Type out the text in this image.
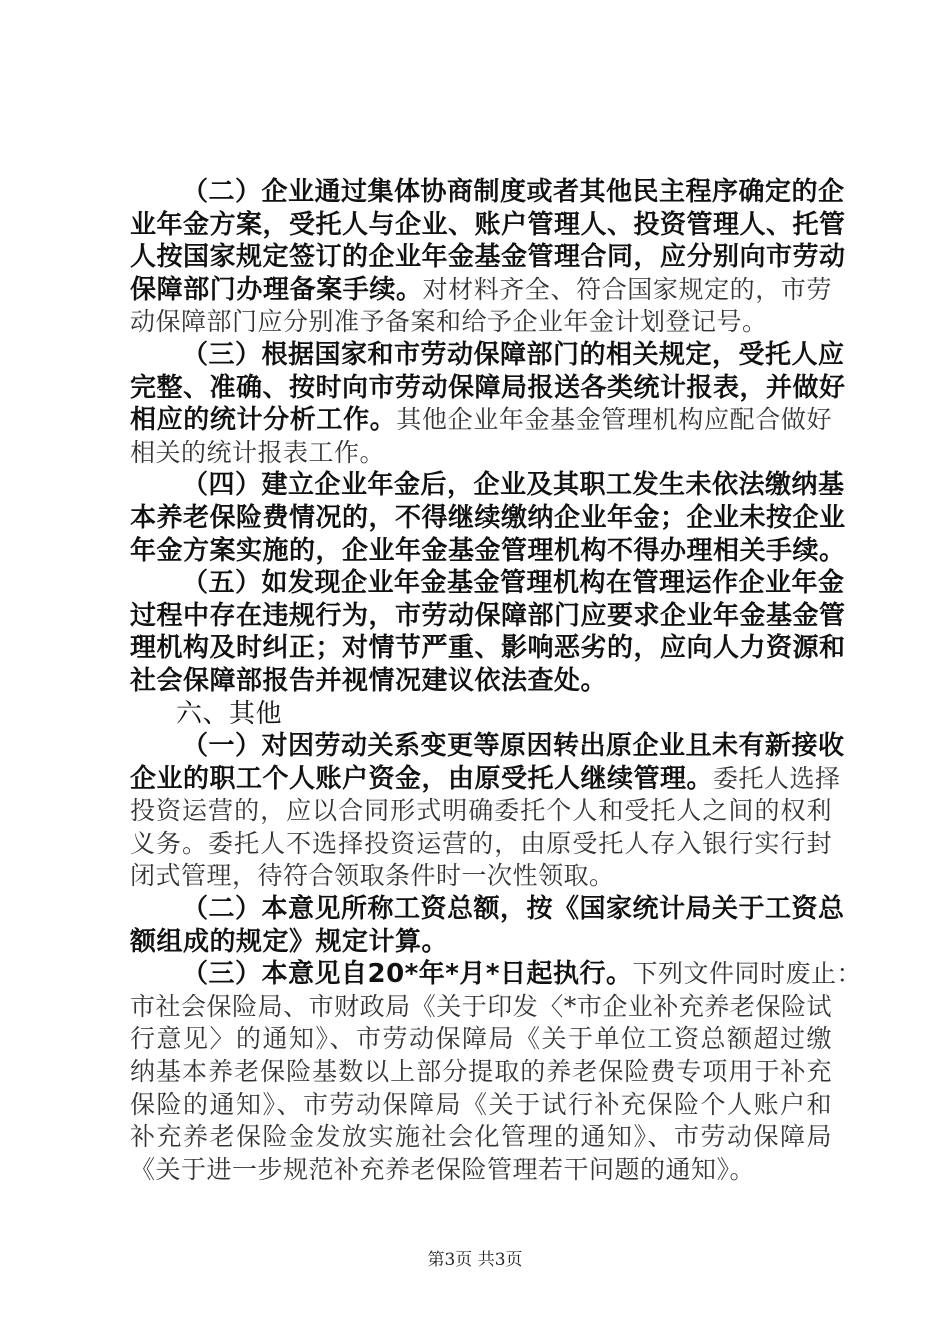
（二）企业通过集体协商制度或者其他民主程序确定的企
业年金方案，受托人与企业、账户管理人、投资管理人、托管
人按国家规定签订的企业年金基金管理合同，应分别向市劳动
保障部门办理备案手续。对材料齐全、符合国家规定的，市劳
动保障部门应分别准予备案和给予企业年金计划登记号。
（三）根据国家和市劳动保障部门的相关规定，受托人应
完整、准确、按时向市劳动保障局报送各类统计报表，并做好
相应的统计分析工作。其他企业年金基金管理机构应配合做好
相关的统计报表工作。
（四）建立企业年金后，企业及其职工发生未依法缴纳基
本养老保险费情况的，不得继续缴纳企业年金；企业未按企业
年金方案实施的，企业年金基金管理机构不得办理相关手续。
（五）如发现企业年金基金管理机构在管理运作企业年金
过程中存在违规行为，市劳动保障部门应要求企业年金基金管
理机构及时纠正；对情节严重、影响恶劣的，应向人力资源和
社会保障部报告并视情况建议依法查处。
六、其他
（一）对因劳动关系变更等原因转出原企业且未有新接收
企业的职工个人账户资金，由原受托人继续管理。委托人选择
投资运营的，应以合同形式明确委托个人和受托人之间的权利
义务。委托人不选择投资运营的，由原受托人存入银行实行封
闭式管理，待符合领取条件时一次性领取。
（二）本意见所称工资总额，按《国家统计局关于工资总
额组成的规定》规定计算。
（三）本意见自20*年*月*日起执行。下列文件同时废止：
市社会保险局、市财政局《关于印发〈*市企业补充养老保险试
行意见〉的通知》、市劳动保障局《关于单位工资总额超过缴
纳基本养老保险基数以上部分提取的养老保险费专项用于补充
保险的通知》、市劳动保障局《关于试行补充保险个人账户和
补充养老保险金发放实施社会化管理的通知》、市劳动保障局
《关于进一步规范补充养老保险管理若干问题的通知》。
第3页 共3页
